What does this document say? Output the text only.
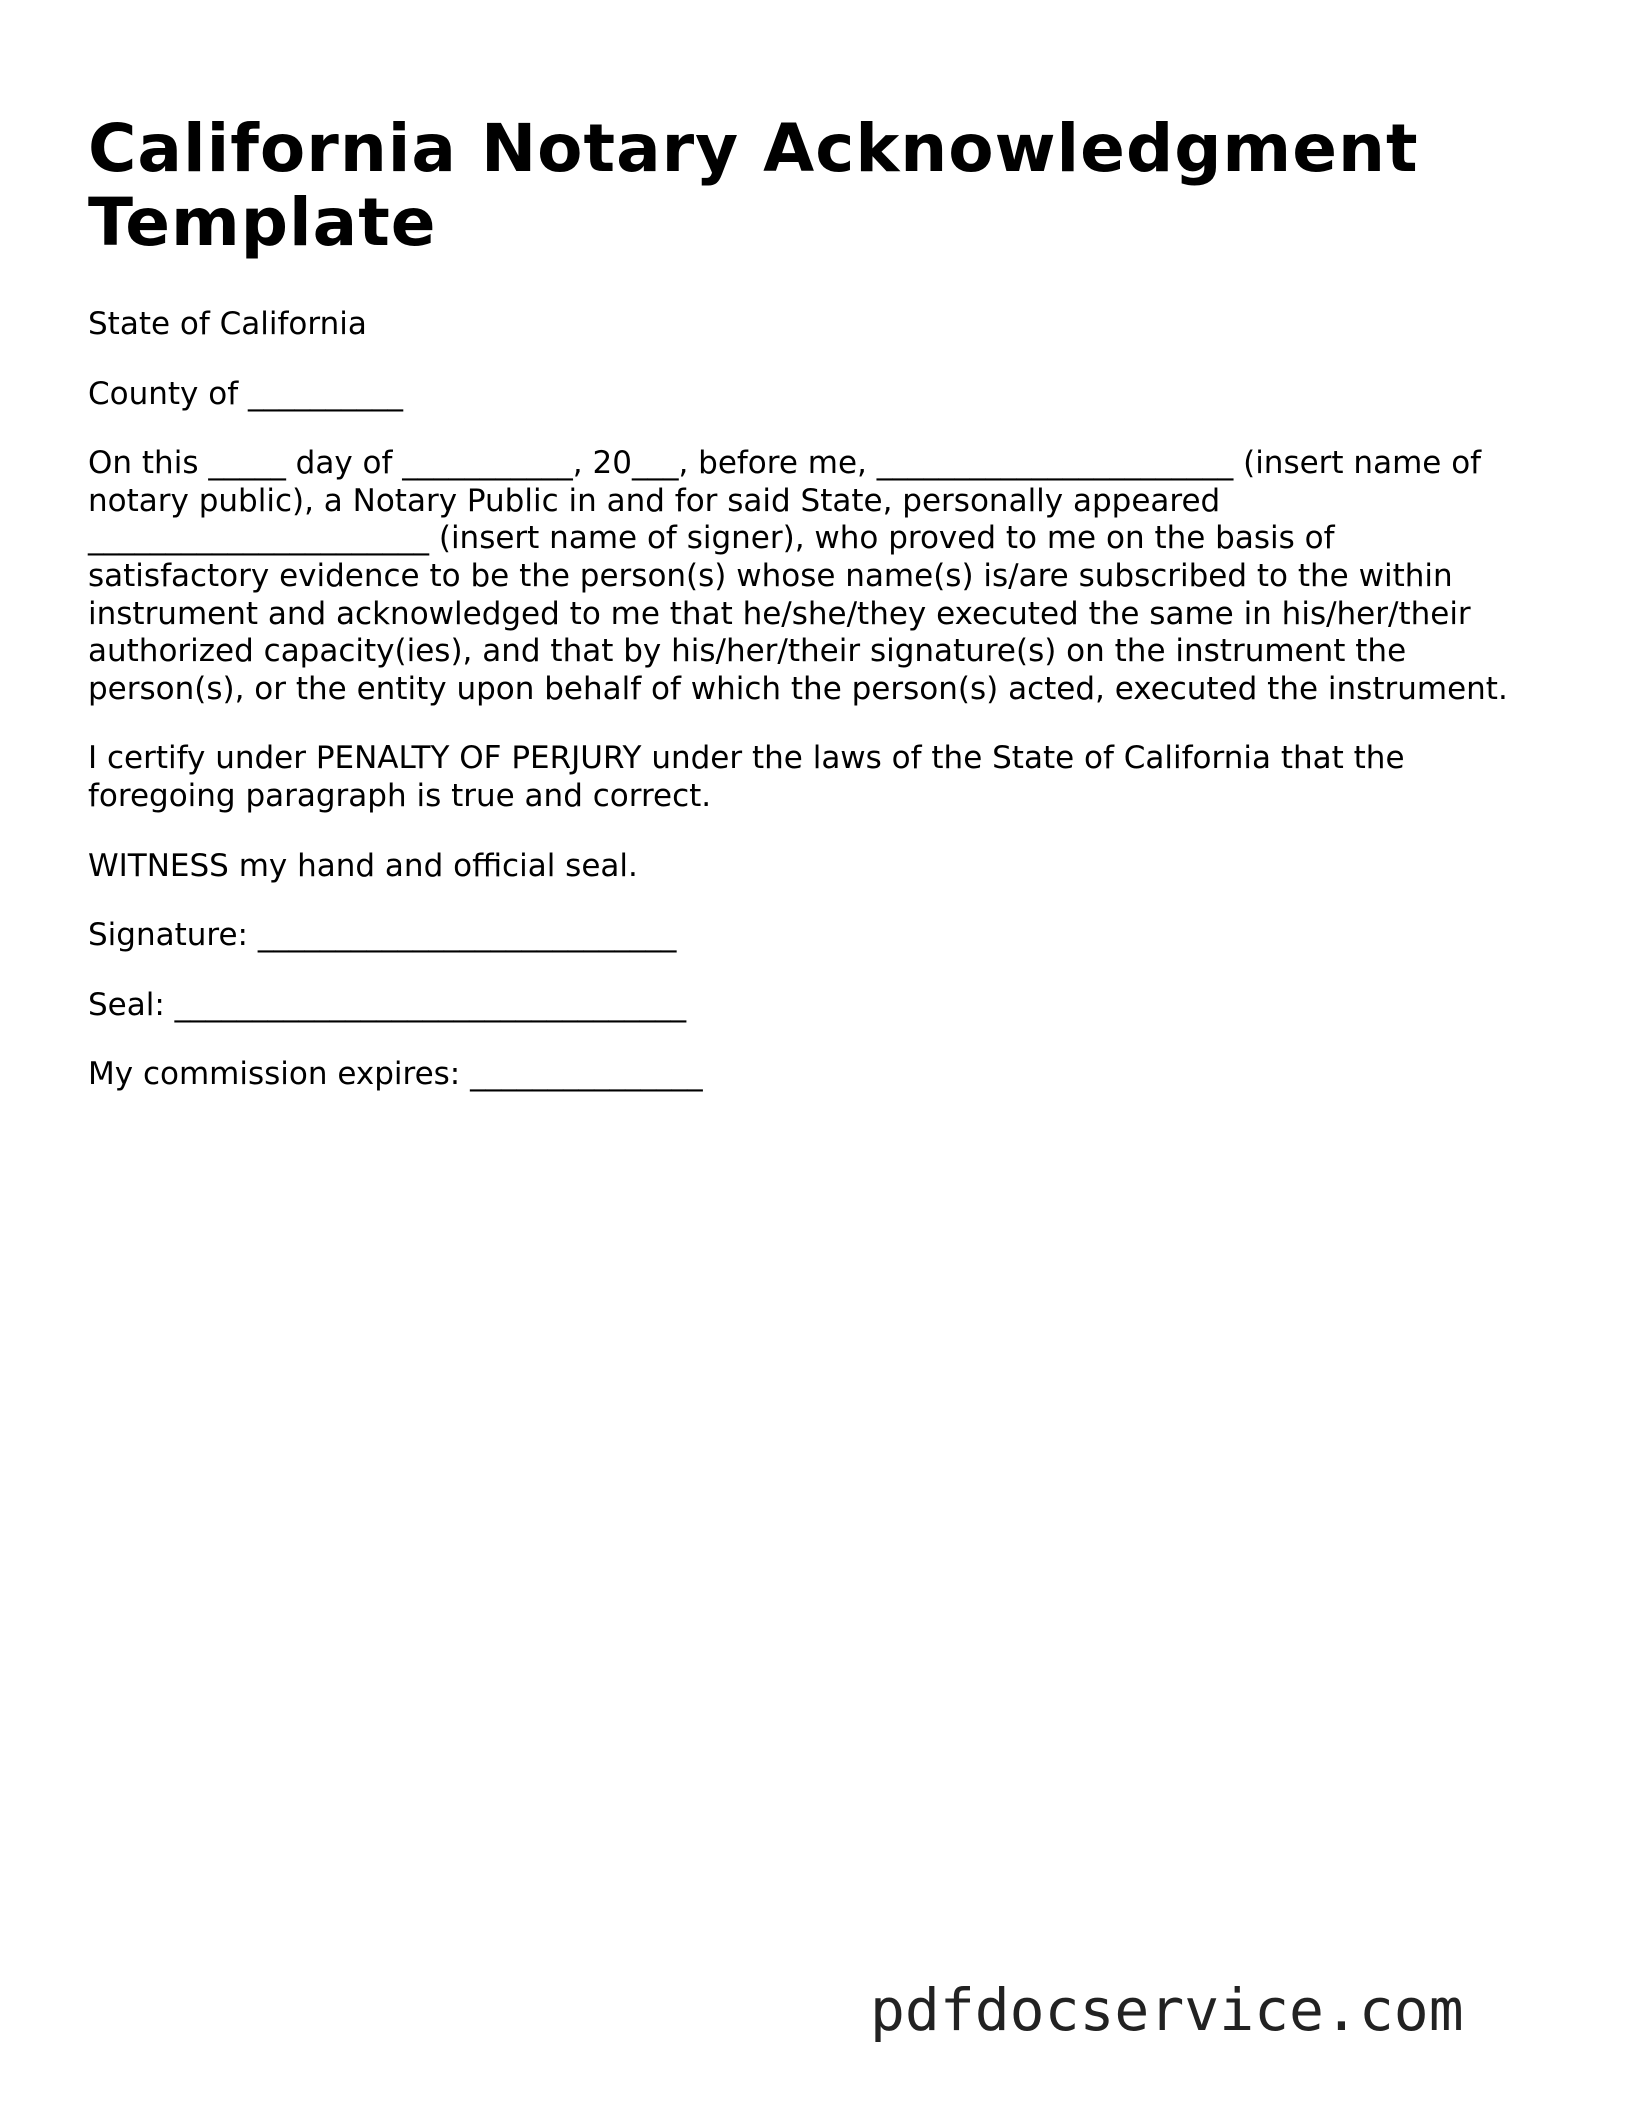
California Notary Acknowledgment Template

State of California

County of __________

On this _____ day of ___________, 20___, before me, _______________________ (insert name of notary public), a Notary Public in and for said State, personally appeared ______________________ (insert name of signer), who proved to me on the basis of satisfactory evidence to be the person(s) whose name(s) is/are subscribed to the within instrument and acknowledged to me that he/she/they executed the same in his/her/their authorized capacity(ies), and that by his/her/their signature(s) on the instrument the person(s), or the entity upon behalf of which the person(s) acted, executed the instrument.

I certify under PENALTY OF PERJURY under the laws of the State of California that the foregoing paragraph is true and correct.

WITNESS my hand and official seal.

Signature: ___________________________

Seal: _________________________________

My commission expires: _______________

pdfdocservice.com
